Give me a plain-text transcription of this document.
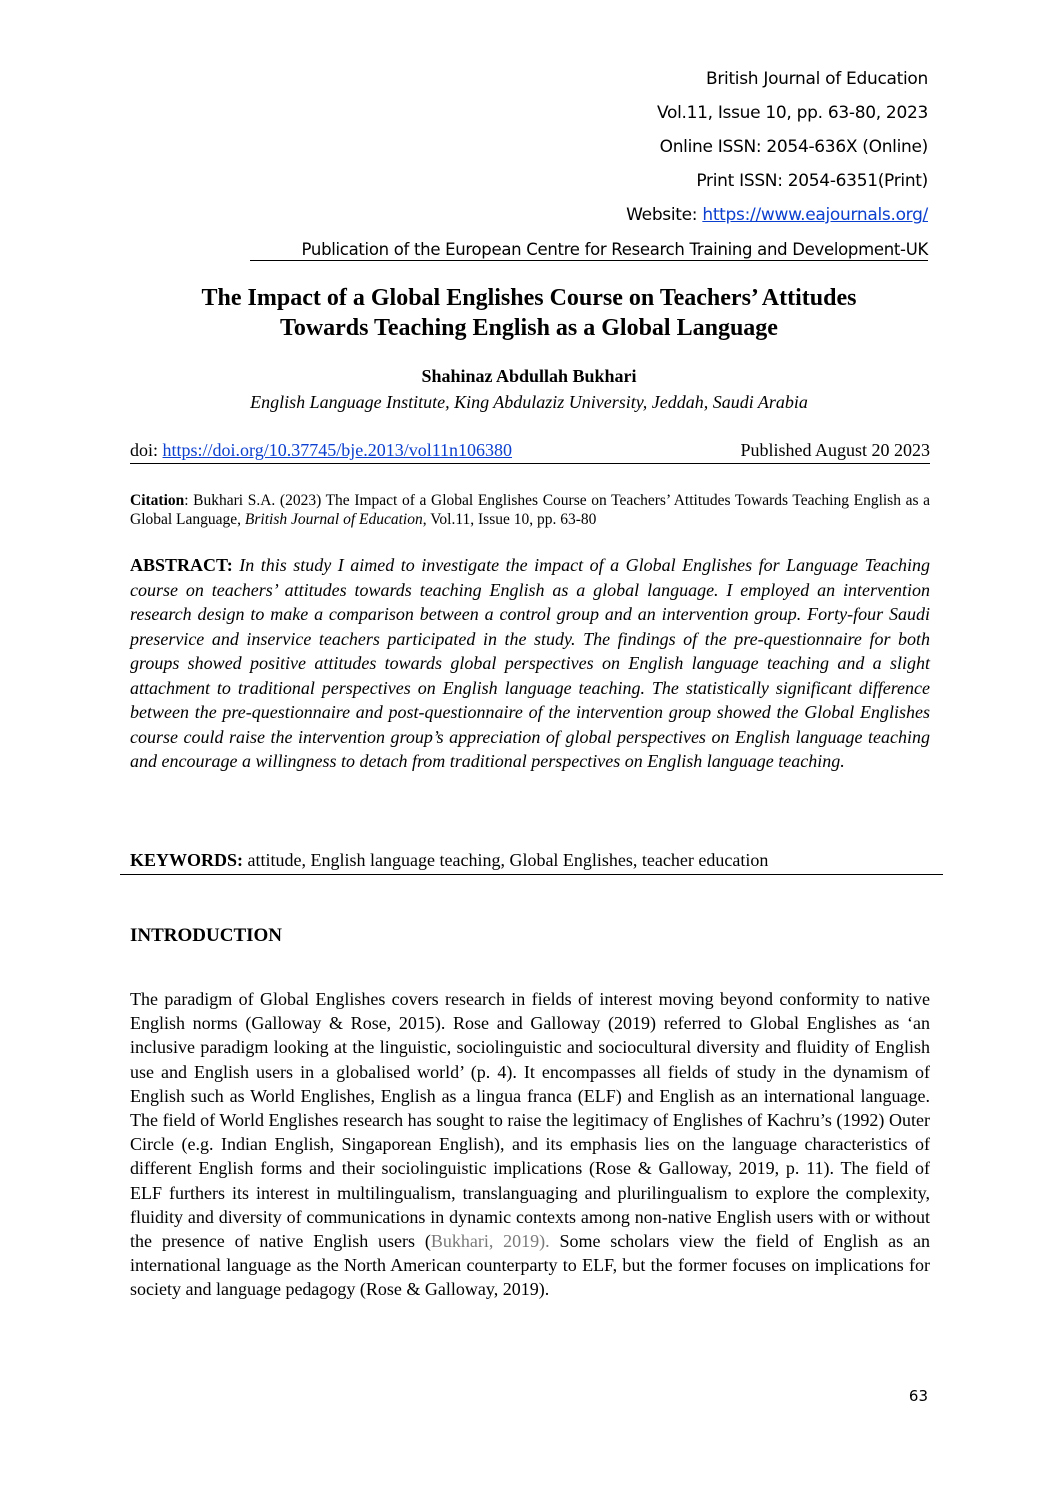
British Journal of Education
Vol.11, Issue 10, pp. 63-80, 2023
Online ISSN: 2054-636X (Online)
Print ISSN: 2054-6351(Print)
Website: https://www.eajournals.org/
Publication of the European Centre for Research Training and Development-UK
The Impact of a Global Englishes Course on Teachers’ Attitudes
Towards Teaching English as a Global Language
Shahinaz Abdullah Bukhari
English Language Institute, King Abdulaziz University, Jeddah, Saudi Arabia
doi: https://doi.org/10.37745/bje.2013/vol11n106380	Published August 20 2023
Citation: Bukhari S.A. (2023) The Impact of a Global Englishes Course on Teachers’ Attitudes Towards Teaching English as a Global Language, British Journal of Education, Vol.11, Issue 10, pp. 63-80
ABSTRACT: In this study I aimed to investigate the impact of a Global Englishes for Language Teaching course on teachers’ attitudes towards teaching English as a global language. I employed an intervention research design to make a comparison between a control group and an intervention group. Forty-four Saudi preservice and inservice teachers participated in the study. The findings of the pre-questionnaire for both groups showed positive attitudes towards global perspectives on English language teaching and a slight attachment to traditional perspectives on English language teaching. The statistically significant difference between the pre-questionnaire and post-questionnaire of the intervention group showed the Global Englishes course could raise the intervention group’s appreciation of global perspectives on English language teaching and encourage a willingness to detach from traditional perspectives on English language teaching.
KEYWORDS: attitude, English language teaching, Global Englishes, teacher education
INTRODUCTION
The paradigm of Global Englishes covers research in fields of interest moving beyond conformity to native English norms (Galloway & Rose, 2015). Rose and Galloway (2019) referred to Global Englishes as ‘an inclusive paradigm looking at the linguistic, sociolinguistic and sociocultural diversity and fluidity of English use and English users in a globalised world’ (p. 4). It encompasses all fields of study in the dynamism of English such as World Englishes, English as a lingua franca (ELF) and English as an international language. The field of World Englishes research has sought to raise the legitimacy of Englishes of Kachru’s (1992) Outer Circle (e.g. Indian English, Singaporean English), and its emphasis lies on the language characteristics of different English forms and their sociolinguistic implications (Rose & Galloway, 2019, p. 11). The field of ELF furthers its interest in multilingualism, translanguaging and plurilingualism to explore the complexity, fluidity and diversity of communications in dynamic contexts among non-native English users with or without the presence of native English users (Bukhari, 2019). Some scholars view the field of English as an international language as the North American counterparty to ELF, but the former focuses on implications for society and language pedagogy (Rose & Galloway, 2019).
63
